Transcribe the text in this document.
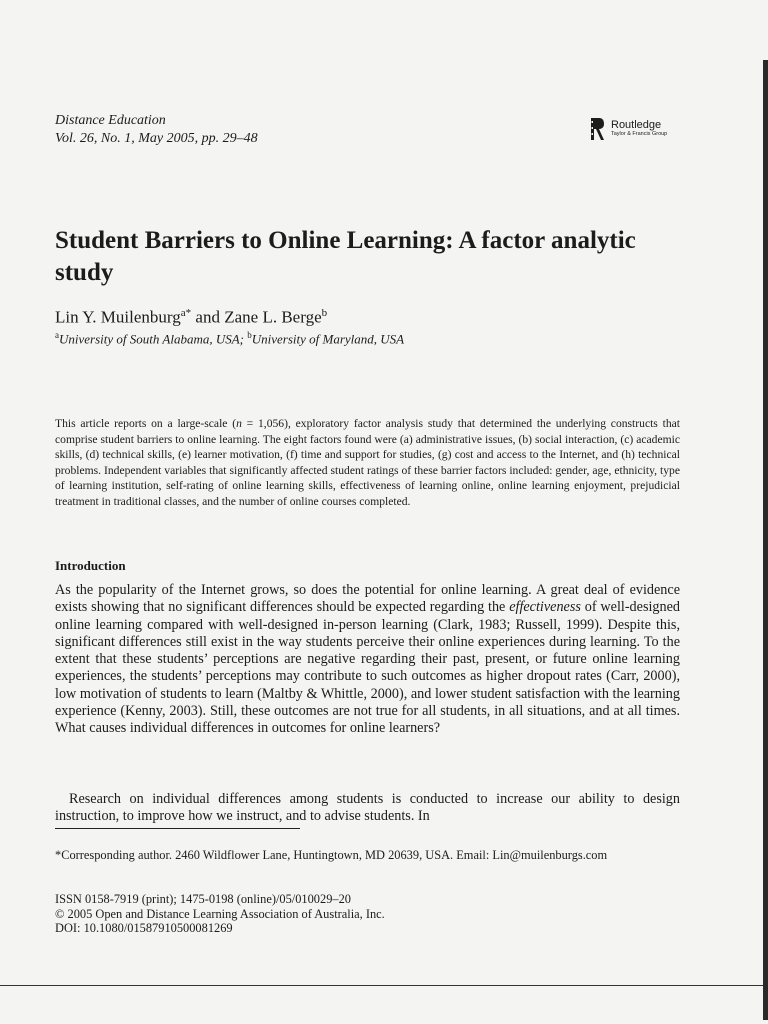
Distance Education
Vol. 26, No. 1, May 2005, pp. 29–48
Routledge
Taylor & Francis Group
Student Barriers to Online Learning: A factor analytic study
Lin Y. Muilenburg$^{a*}$ and Zane L. Berge$^b$
$^a$University of South Alabama, USA; $^b$University of Maryland, USA
This article reports on a large-scale (n = 1,056), exploratory factor analysis study that determined the underlying constructs that comprise student barriers to online learning. The eight factors found were (a) administrative issues, (b) social interaction, (c) academic skills, (d) technical skills, (e) learner motivation, (f) time and support for studies, (g) cost and access to the Internet, and (h) technical problems. Independent variables that significantly affected student ratings of these barrier factors included: gender, age, ethnicity, type of learning institution, self-rating of online learning skills, effectiveness of learning online, online learning enjoyment, prejudicial treatment in traditional classes, and the number of online courses completed.
Introduction
As the popularity of the Internet grows, so does the potential for online learning. A great deal of evidence exists showing that no significant differences should be expected regarding the effectiveness of well-designed online learning compared with well-designed in-person learning (Clark, 1983; Russell, 1999). Despite this, significant differences still exist in the way students perceive their online experiences during learning. To the extent that these students’ perceptions are negative regarding their past, present, or future online learning experiences, the students’ perceptions may contribute to such outcomes as higher dropout rates (Carr, 2000), low motivation of students to learn (Maltby & Whittle, 2000), and lower student satisfaction with the learning experience (Kenny, 2003). Still, these outcomes are not true for all students, in all situations, and at all times. What causes individual differences in outcomes for online learners?
Research on individual differences among students is conducted to increase our ability to design instruction, to improve how we instruct, and to advise students. In
*Corresponding author. 2460 Wildflower Lane, Huntingtown, MD 20639, USA. Email: Lin@muilenburgs.com
ISSN 0158-7919 (print); 1475-0198 (online)/05/010029–20
© 2005 Open and Distance Learning Association of Australia, Inc.
DOI: 10.1080/01587910500081269
